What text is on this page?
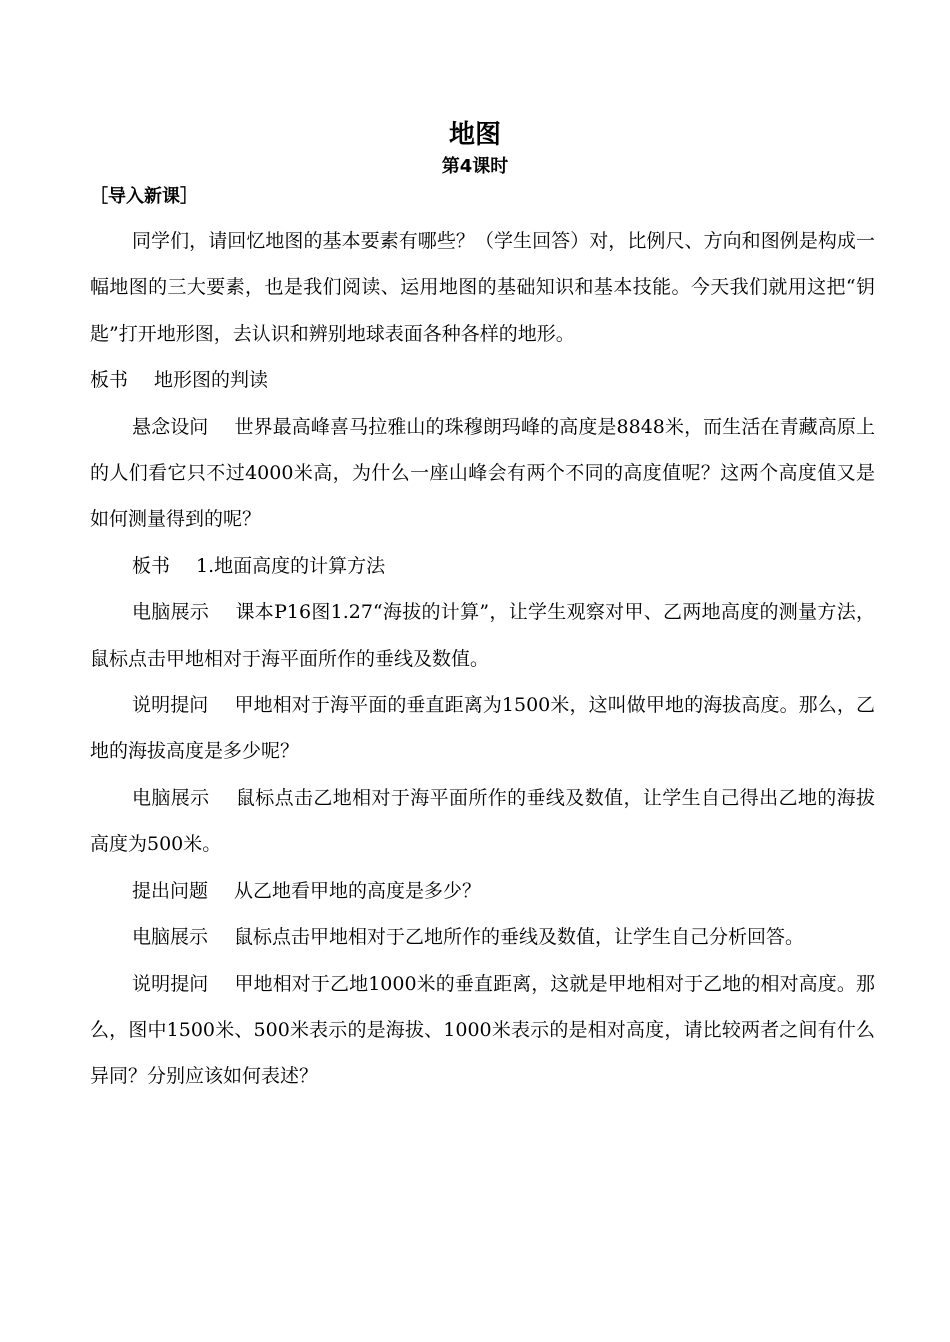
地图
第4课时
［导入新课］

同学们，请回忆地图的基本要素有哪些？（学生回答）对，比例尺、方向和图例是构成一幅地图的三大要素，也是我们阅读、运用地图的基础知识和基本技能。今天我们就用这把“钥匙”打开地形图，去认识和辨别地球表面各种各样的地形。

板书 地形图的判读

悬念设问 世界最高峰喜马拉雅山的珠穆朗玛峰的高度是8848米，而生活在青藏高原上的人们看它只不过4000米高，为什么一座山峰会有两个不同的高度值呢？这两个高度值又是如何测量得到的呢？

板书 1.地面高度的计算方法

电脑展示 课本P16图1.27“海拔的计算”，让学生观察对甲、乙两地高度的测量方法，鼠标点击甲地相对于海平面所作的垂线及数值。

说明提问 甲地相对于海平面的垂直距离为1500米，这叫做甲地的海拔高度。那么，乙地的海拔高度是多少呢？

电脑展示 鼠标点击乙地相对于海平面所作的垂线及数值，让学生自己得出乙地的海拔高度为500米。

提出问题 从乙地看甲地的高度是多少？

电脑展示 鼠标点击甲地相对于乙地所作的垂线及数值，让学生自己分析回答。

说明提问 甲地相对于乙地1000米的垂直距离，这就是甲地相对于乙地的相对高度。那么，图中1500米、500米表示的是海拔、1000米表示的是相对高度，请比较两者之间有什么异同？分别应该如何表述？
